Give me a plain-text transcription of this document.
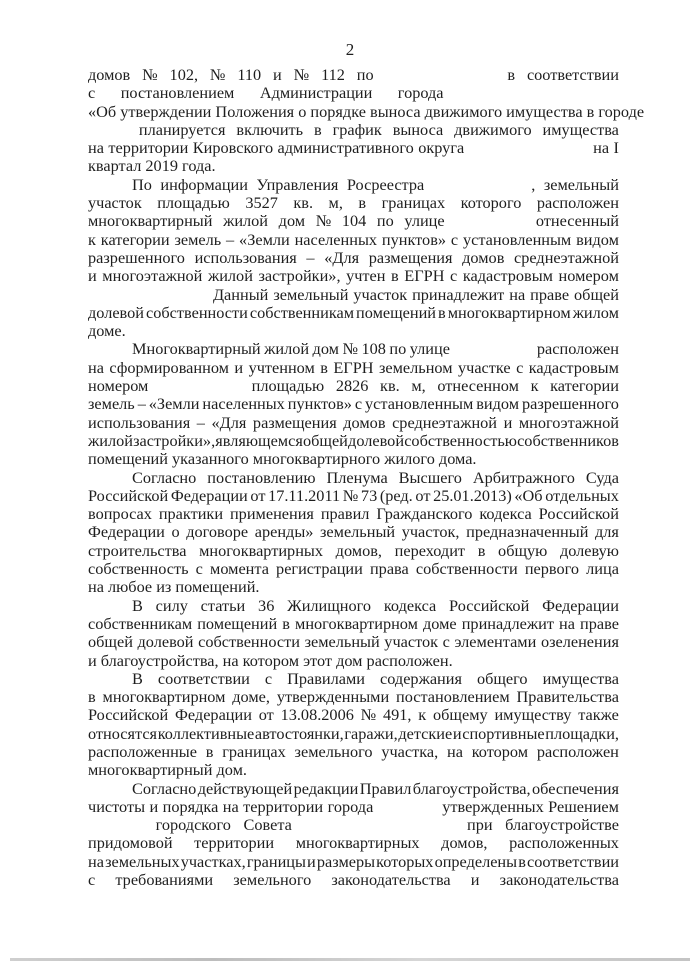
2
домов № 102, № 110 и № 112 по	в соответствии
с постановлением Администрации города
«Об утверждении Положения о порядке выноса движимого имущества в городе
планируется включить в график выноса движимого имущества
на территории Кировского административного округа	на I
квартал 2019 года.
По информации Управления Росреестра	, земельный
участок площадью 3527 кв. м, в границах которого расположен
многоквартирный жилой дом № 104 по улице	отнесенный
к категории земель – «Земли населенных пунктов» с установленным видом
разрешенного использования – «Для размещения домов среднеэтажной
и многоэтажной жилой застройки», учтен в ЕГРН с кадастровым номером
Данный земельный участок принадлежит на праве общей
долевой собственности собственникам помещений в многоквартирном жилом
доме.
Многоквартирный жилой дом № 108 по улице	расположен
на сформированном и учтенном в ЕГРН земельном участке с кадастровым
номером	площадью 2826 кв. м, отнесенном к категории
земель – «Земли населенных пунктов» с установленным видом разрешенного
использования – «Для размещения домов среднеэтажной и многоэтажной
жилой застройки», являющемся общей долевой собственностью собственников
помещений указанного многоквартирного жилого дома.
Согласно постановлению Пленума Высшего Арбитражного Суда
Российской Федерации от 17.11.2011 № 73 (ред. от 25.01.2013) «Об отдельных
вопросах практики применения правил Гражданского кодекса Российской
Федерации о договоре аренды» земельный участок, предназначенный для
строительства многоквартирных домов, переходит в общую долевую
собственность с момента регистрации права собственности первого лица
на любое из помещений.
В силу статьи 36 Жилищного кодекса Российской Федерации
собственникам помещений в многоквартирном доме принадлежит на праве
общей долевой собственности земельный участок с элементами озеленения
и благоустройства, на котором этот дом расположен.
В соответствии с Правилами содержания общего имущества
в многоквартирном доме, утвержденными постановлением Правительства
Российской Федерации от 13.08.2006 № 491, к общему имуществу также
относятся коллективные автостоянки, гаражи, детские и спортивные площадки,
расположенные в границах земельного участка, на котором расположен
многоквартирный дом.
Согласно действующей редакции Правил благоустройства, обеспечения
чистоты и порядка на территории города	утвержденных Решением
городского Совета	при благоустройстве
придомовой территории многоквартирных домов, расположенных
на земельных участках, границы и размеры которых определены в соответствии
с требованиями земельного законодательства и законодательства
